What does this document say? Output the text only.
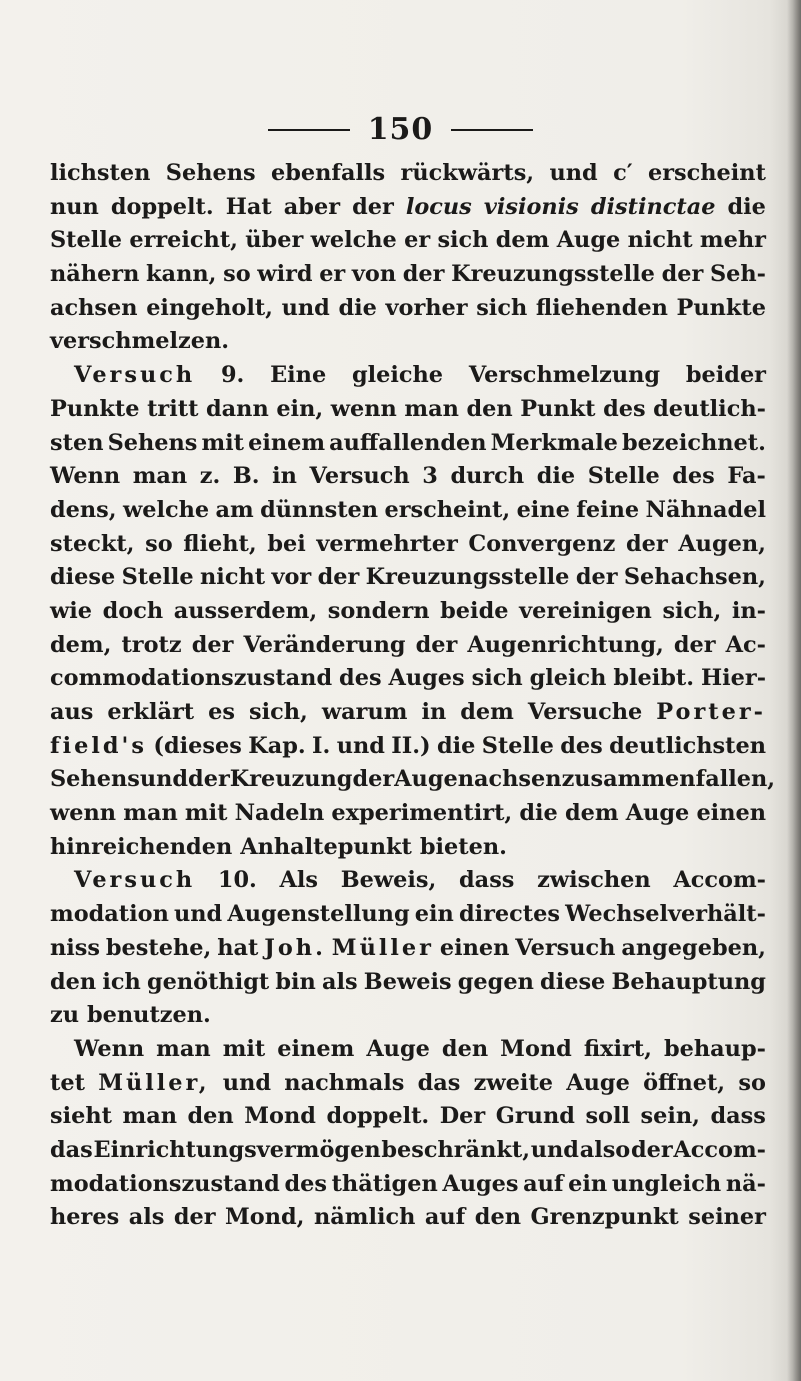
150
lichsten Sehens ebenfalls rückwärts, und c′ erscheint
nun doppelt. Hat aber der locus visionis distinctae die
Stelle erreicht, über welche er sich dem Auge nicht mehr
nähern kann, so wird er von der Kreuzungsstelle der Seh-
achsen eingeholt, und die vorher sich fliehenden Punkte
verschmelzen.
Versuch 9. Eine gleiche Verschmelzung beider
Punkte tritt dann ein, wenn man den Punkt des deutlich-
sten Sehens mit einem auffallenden Merkmale bezeichnet.
Wenn man z. B. in Versuch 3 durch die Stelle des Fa-
dens, welche am dünnsten erscheint, eine feine Nähnadel
steckt, so flieht, bei vermehrter Convergenz der Augen,
diese Stelle nicht vor der Kreuzungsstelle der Sehachsen,
wie doch ausserdem, sondern beide vereinigen sich, in-
dem, trotz der Veränderung der Augenrichtung, der Ac-
commodationszustand des Auges sich gleich bleibt. Hier-
aus erklärt es sich, warum in dem Versuche Porter-
field's (dieses Kap. I. und II.) die Stelle des deutlichsten
Sehens und der Kreuzung der Augenachsen zusammenfallen,
wenn man mit Nadeln experimentirt, die dem Auge einen
hinreichenden Anhaltepunkt bieten.
Versuch 10. Als Beweis, dass zwischen Accom-
modation und Augenstellung ein directes Wechselverhält-
niss bestehe, hat Joh. Müller einen Versuch angegeben,
den ich genöthigt bin als Beweis gegen diese Behauptung
zu benutzen.
Wenn man mit einem Auge den Mond fixirt, behaup-
tet Müller, und nachmals das zweite Auge öffnet, so
sieht man den Mond doppelt. Der Grund soll sein, dass
das Einrichtungsvermögen beschränkt, und also der Accom-
modationszustand des thätigen Auges auf ein ungleich nä-
heres als der Mond, nämlich auf den Grenzpunkt seiner
